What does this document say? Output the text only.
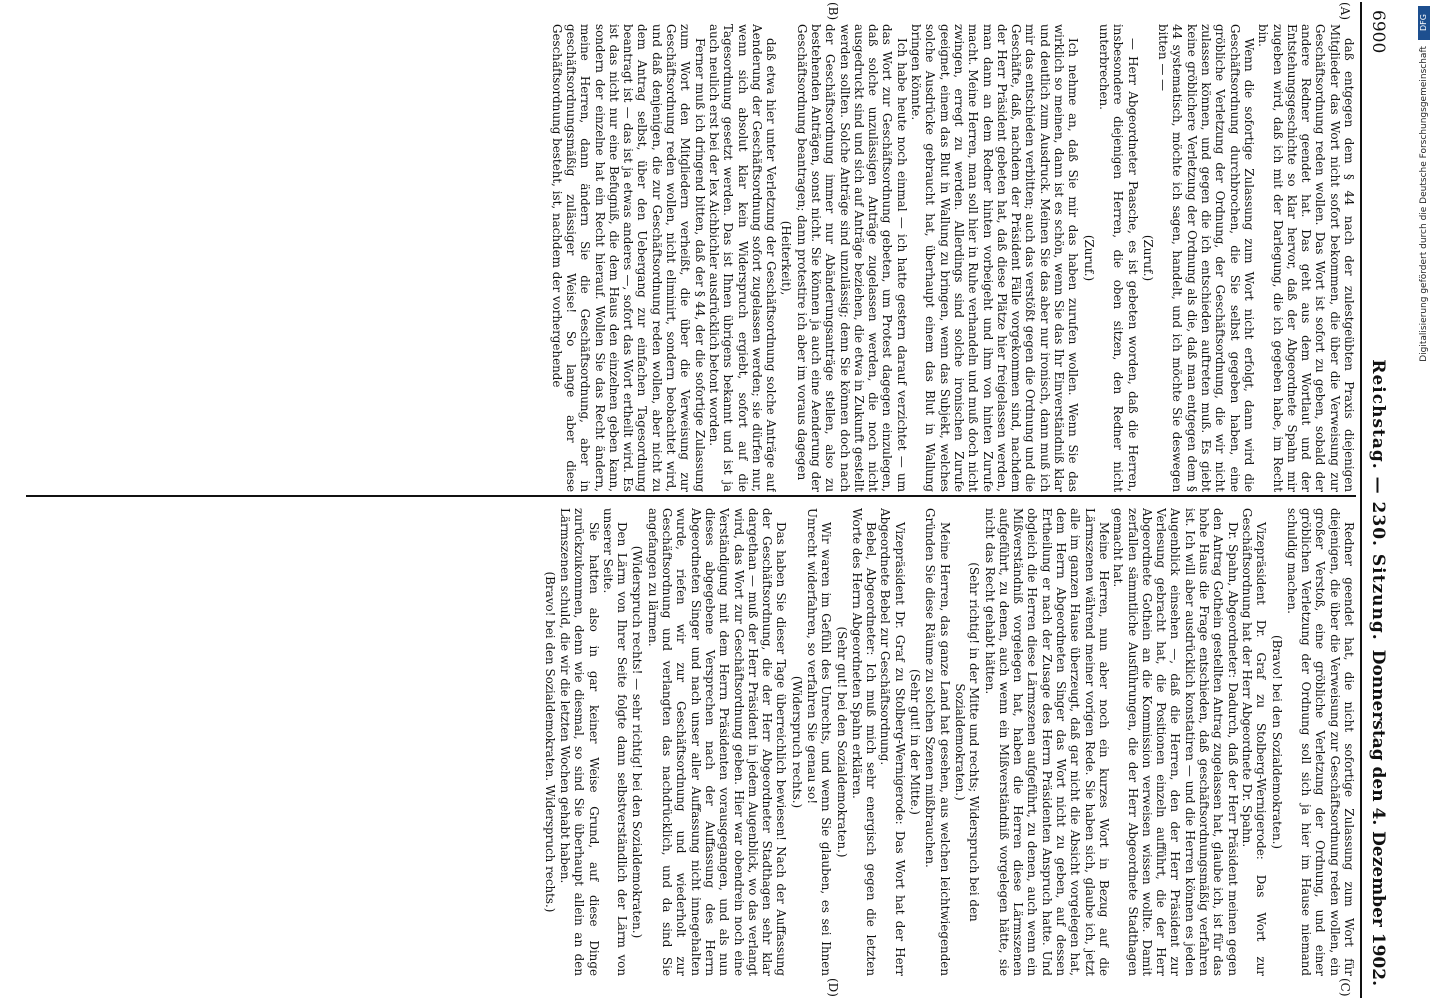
DFG
Digitalisierung gefördert durch die Deutsche Forschungsgemeinschaft
6900
Reichstag. — 230. Sitzung.
Donnerstag den 4. Dezember 1902.
(A)
(B)
(C)
(D)

daß entgegen dem § 44 nach der zulestgeübten Praxis diejenigen Mitglieder das Wort nicht sofort bekommen, die über die Verweisung zur Geschäftsordnung reden wollen. Das Wort ist sofort zu geben, sobald der andere Redner geendet hat. Das geht aus dem Wortlaut und der Entstehungsgeschichte so klar hervor, daß der Abgeordnete Spahn mir zugeben wird, daß ich mit der Darlegung, die ich gegeben habe, im Recht bin.

Wenn die sofortige Zulassung zum Wort nicht erfolgt, dann wird die Geschäftsordnung durchbrochen, die Sie selbst gegeben haben, eine gröbliche Verletzung der Ordnung, der Geschäftsordnung, die wir nicht zulassen können, und gegen die ich entschieden auftreten muß. Es giebt keine gröblichere Verletzung der Ordnung als die, daß man entgegen dem § 44 systematisch, möchte ich sagen, handelt, und ich möchte Sie deswegen bitten — —

(Zuruf.)

— Herr Abgeordneter Paasche, es ist gebeten worden, daß die Herren, insbesondere diejenigen Herren, die oben sitzen, den Redner nicht unterbrechen.

(Zuruf.)

Ich nehme an, daß Sie mir das haben zurufen wollen. Wenn Sie das wirklich so meinen, dann ist es schön, wenn Sie das Ihr Einverständniß klar und deutlich zum Ausdruck. Meinen Sie das aber nur ironisch, dann muß ich mir das entschieden verbitten; auch das verstößt gegen die Ordnung und die Geschäfte, daß, nachdem der Präsident Fälle vorgekommen sind, nachdem der Herr Präsident gebeten hat, daß diese Plätze hier freigelassen werden, man dann an dem Redner hinten vorbeigeht und ihm von hinten Zurufe macht. Meine Herren, man soll hier in Ruhe verhandeln und muß doch nicht zwingen, erregt zu werden. Allerdings sind solche ironischen Zurufe geeignet, einem das Blut in Wallung zu bringen, wenn das Subjekt, welches solche Ausdrücke gebraucht hat, überhaupt einem das Blut in Wallung bringen könnte.

Ich habe heute noch einmal — ich hatte gestern darauf verzichtet — um das Wort zur Geschäftsordnung gebeten, um Protest dagegen einzulegen, daß solche unzulässigen Anträge zugelassen werden, die noch nicht ausgedruckt sind und sich auf Anträge beziehen, die etwa in Zukunft gestellt werden sollten. Solche Anträge sind unzulässig; denn Sie können doch nach der Geschäftsordnung immer nur Abänderungsanträge stellen, also zu bestehenden Anträgen, sonst nicht. Sie können ja auch eine Aenderung der Geschäftsordnung beantragen; dann protestire ich aber im voraus dagegen

(Heiterkeit),

daß etwa hier unter Verletzung der Geschäftsordnung solche Anträge auf Aenderung der Geschäftsordnung sofort zugelassen werden; sie dürfen nur, wenn sich absolut klar kein Widerspruch ergiebt, sofort auf die Tagesordnung gesetzt werden. Das ist Ihnen übrigens bekannt und ist ja auch neulich erst bei der lex Aichbichler ausdrücklich betont worden.

Ferner muß ich dringend bitten, daß der § 44, der die sofortige Zulassung zum Wort den Mitgliedern verheißt, die über die Verweisung zur Geschäftsordnung reden wollen, nicht eliminirt, sondern beobachtet wird, und daß denjenigen, die zur Geschäftsordnung reden wollen, aber nicht zu dem Antrag selbst, über den Uebergang zur einfachen Tagesordnung beantragt ist — das ist ja etwas anderes —, sofort das Wort ertheilt wird. Es ist das nicht nur eine Befugniß, die dem Haus den einzelnen geben kann, sondern der einzelne hat ein Recht hierauf. Wollen Sie das Recht ändern, meine Herren, dann ändern Sie die Geschäftsordnung, aber in geschäftsordnungsmäßig zulässiger Weise! So lange aber diese Geschäftsordnung besteht, ist, nachdem der vorhergehende

Redner geendet hat, die nicht sofortige Zulassung zum Wort für diejenigen, die über die Verweisung zur Geschäftsordnung reden wollen, ein großer Verstoß, eine gröbliche Verletzung der Ordnung, und einer gröblichen Verletzung der Ordnung soll sich ja hier im Hause niemand schuldig machen.

(Bravo! bei den Sozialdemokraten.)

Vizepräsident Dr. Graf zu Stolberg-Wernigerode: Das Wort zur Geschäftsordnung hat der Herr Abgeordnete Dr. Spahn.

Dr. Spahn, Abgeordneter: Dadurch, daß der Herr Präsident meinen gegen den Antrag Gothein gestellten Antrag zugelassen hat, glaube ich, ist für das hohe Haus die Frage entschieden, daß geschäftsordnungsmäßig verfahren ist. Ich will aber ausdrücklich konstatiren — und die Herren können es jeden Augenblick einsehen —, daß die Herren, den der Herr Präsident zur Verlesung gebracht hat, die Positionen einzeln aufführt, die der Herr Abgeordnete Gothein an die Kommission verweisen wissen wollte. Damit zerfallen sämmtliche Ausführungen, die der Herr Abgeordnete Stadthagen gemacht hat.

Meine Herren, nun aber noch ein kurzes Wort in Bezug auf die Lärmszenen während meiner vorigen Rede. Sie haben sich, glaube ich, jetzt alle im ganzen Hause überzeugt, daß gar nicht die Absicht vorgelegen hat, dem Herrn Abgeordneten Singer das Wort nicht zu geben, auf dessen Ertheilung er nach der Zusage des Herrn Präsidenten Anspruch hatte. Und obgleich die Herren diese Lärmszenen aufgeführt, zu denen, auch wenn ein Mißverständniß vorgelegen hat, haben die Herren diese Lärmszenen aufgeführt, zu denen, auch wenn ein Mißverständniß vorgelegen hätte, sie nicht das Recht gehabt hätten.

(Sehr richtig! in der Mitte und rechts; Widerspruch bei den Sozialdemokraten.)

Meine Herren, das ganze Land hat gesehen, aus welchen leichtwiegenden Gründen Sie diese Räume zu solchen Szenen mißbrauchen.

(Sehr gut! in der Mitte.)

Vizepräsident Dr. Graf zu Stolberg-Wernigerode: Das Wort hat der Herr Abgeordnete Bebel zur Geschäftsordnung.

Bebel, Abgeordneter: Ich muß mich sehr energisch gegen die letzten Worte des Herrn Abgeordneten Spahn erklären.

(Sehr gut! bei den Sozialdemokraten.)

Wir waren im Gefühl des Unrechts, und wenn Sie glauben, es sei Ihnen Unrecht widerfahren, so verfahren Sie genau so!

(Widerspruch rechts.)

Das haben Sie dieser Tage überreichlich bewiesen! Nach der Auffassung der Geschäftsordnung, die der Herr Abgeordneter Stadthagen sehr klar dargethan — muß der Herr Präsident in jedem Augenblick, wo das verlangt wird, das Wort zur Geschäftsordnung geben. Hier war obendrein noch eine Verständigung mit dem Herrn Präsidenten vorausgegangen, und als nun dieses abgegebene Versprechen nach der Auffassung des Herrn Abgeordneten Singer und nach unser aller Auffassung nicht innegehalten wurde, riefen wir zur Geschäftsordnung und wiederholt zur Geschäftsordnung und verlangten das nachdrücklich, und da sind Sie angefangen zu lärmen.

(Widerspruch rechts! — sehr richtig! bei den Sozialdemokraten.)

Den Lärm von Ihrer Seite folgte dann selbstverständlich der Lärm von unserer Seite.

Sie hatten also in gar keiner Weise Grund, auf diese Dinge zurückzukommen, denn wie diesmal, so sind Sie überhaupt allein an den Lärmszenen schuld, die wir die letzten Wochen gehabt haben.

(Bravo! bei den Sozialdemokraten. Widerspruch rechts.)
